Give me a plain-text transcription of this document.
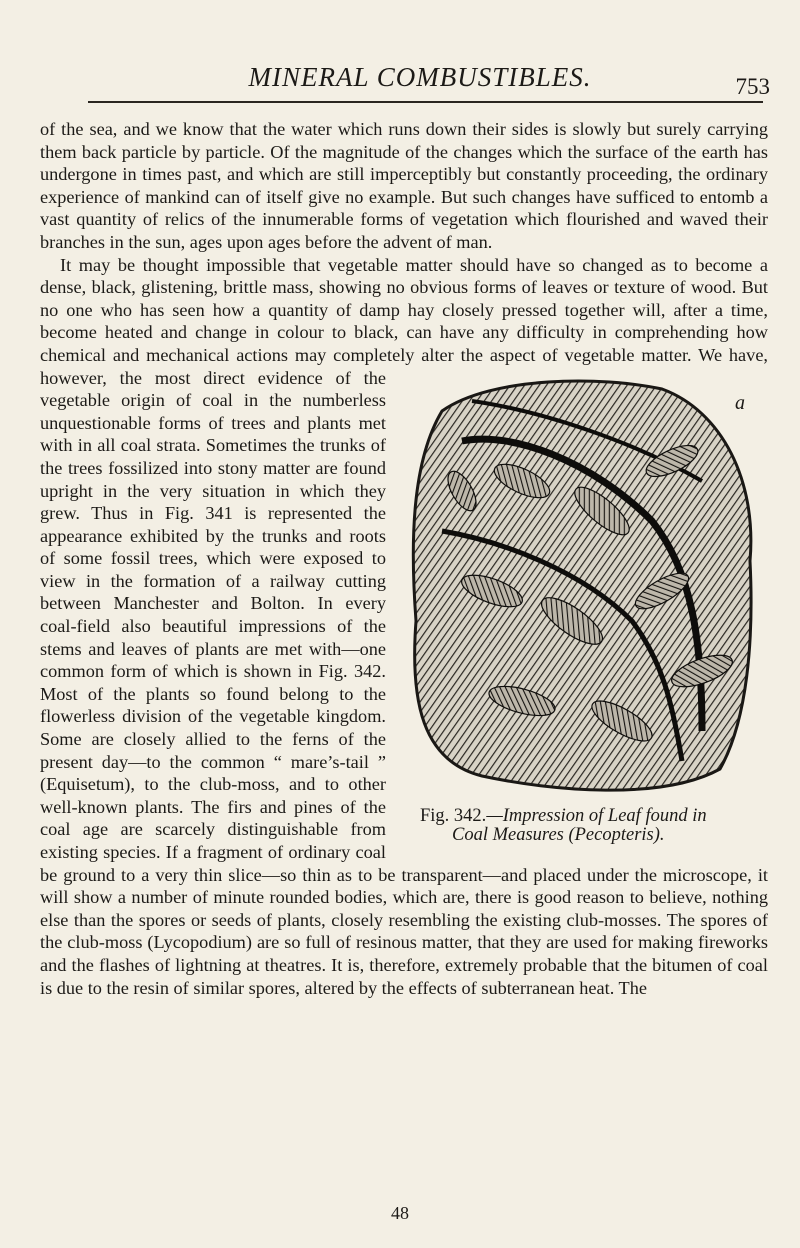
MINERAL COMBUSTIBLES.	753

of the sea, and we know that the water which runs down their sides is slowly but surely carrying them back particle by particle. Of the magnitude of the changes which the surface of the earth has undergone in times past, and which are still imperceptibly but constantly proceeding, the ordinary experience of mankind can of itself give no example. But such changes have sufficed to entomb a vast quantity of relics of the innumerable forms of vegetation which flourished and waved their branches in the sun, ages upon ages before the advent of man.

It may be thought impossible that vegetable matter should have so changed as to become a dense, black, glistening, brittle mass, showing no obvious forms of leaves or texture of wood. But no one who has seen how a quantity of damp hay closely pressed together will, after a time, become heated and change in colour to black, can have any difficulty in comprehending how chemical and mechanical actions may completely
a
Fig. 342.—Impression of Leaf found in
Coal Measures (Pecopteris).
alter the aspect of vegetable matter. We have, however, the most direct evidence of the vegetable origin of coal in the numberless unquestionable forms of trees and plants met with in all coal strata. Sometimes the trunks of the trees fossilized into stony matter are found upright in the very situation in which they grew. Thus in Fig. 341 is represented the appearance exhibited by the trunks and roots of some fossil trees, which were exposed to view in the formation of a railway cutting between Manchester and Bolton. In every coal-field also beautiful impressions of the stems and leaves of plants are met with—one common form of which is shown in Fig. 342. Most of the plants so found belong to the flowerless division of the vegetable kingdom. Some are closely allied to the ferns of the present day—to the common “ mare’s-tail ” (Equisetum), to the club-moss, and to other well-known plants. The firs and pines of the coal age are scarcely distinguishable from existing species. If a fragment of ordinary coal be ground to a very thin slice—so thin as to be transparent—and placed under the microscope, it will show a number of minute rounded bodies, which are, there is good reason to believe, nothing else than the spores or seeds of plants, closely resembling the existing club-mosses. The spores of the club-moss (Lycopodium) are so full of resinous matter, that they are used for making fireworks and the flashes of lightning at theatres. It is, therefore, extremely probable that the bitumen of coal is due to the resin of similar spores, altered by the effects of subterranean heat. The

48
